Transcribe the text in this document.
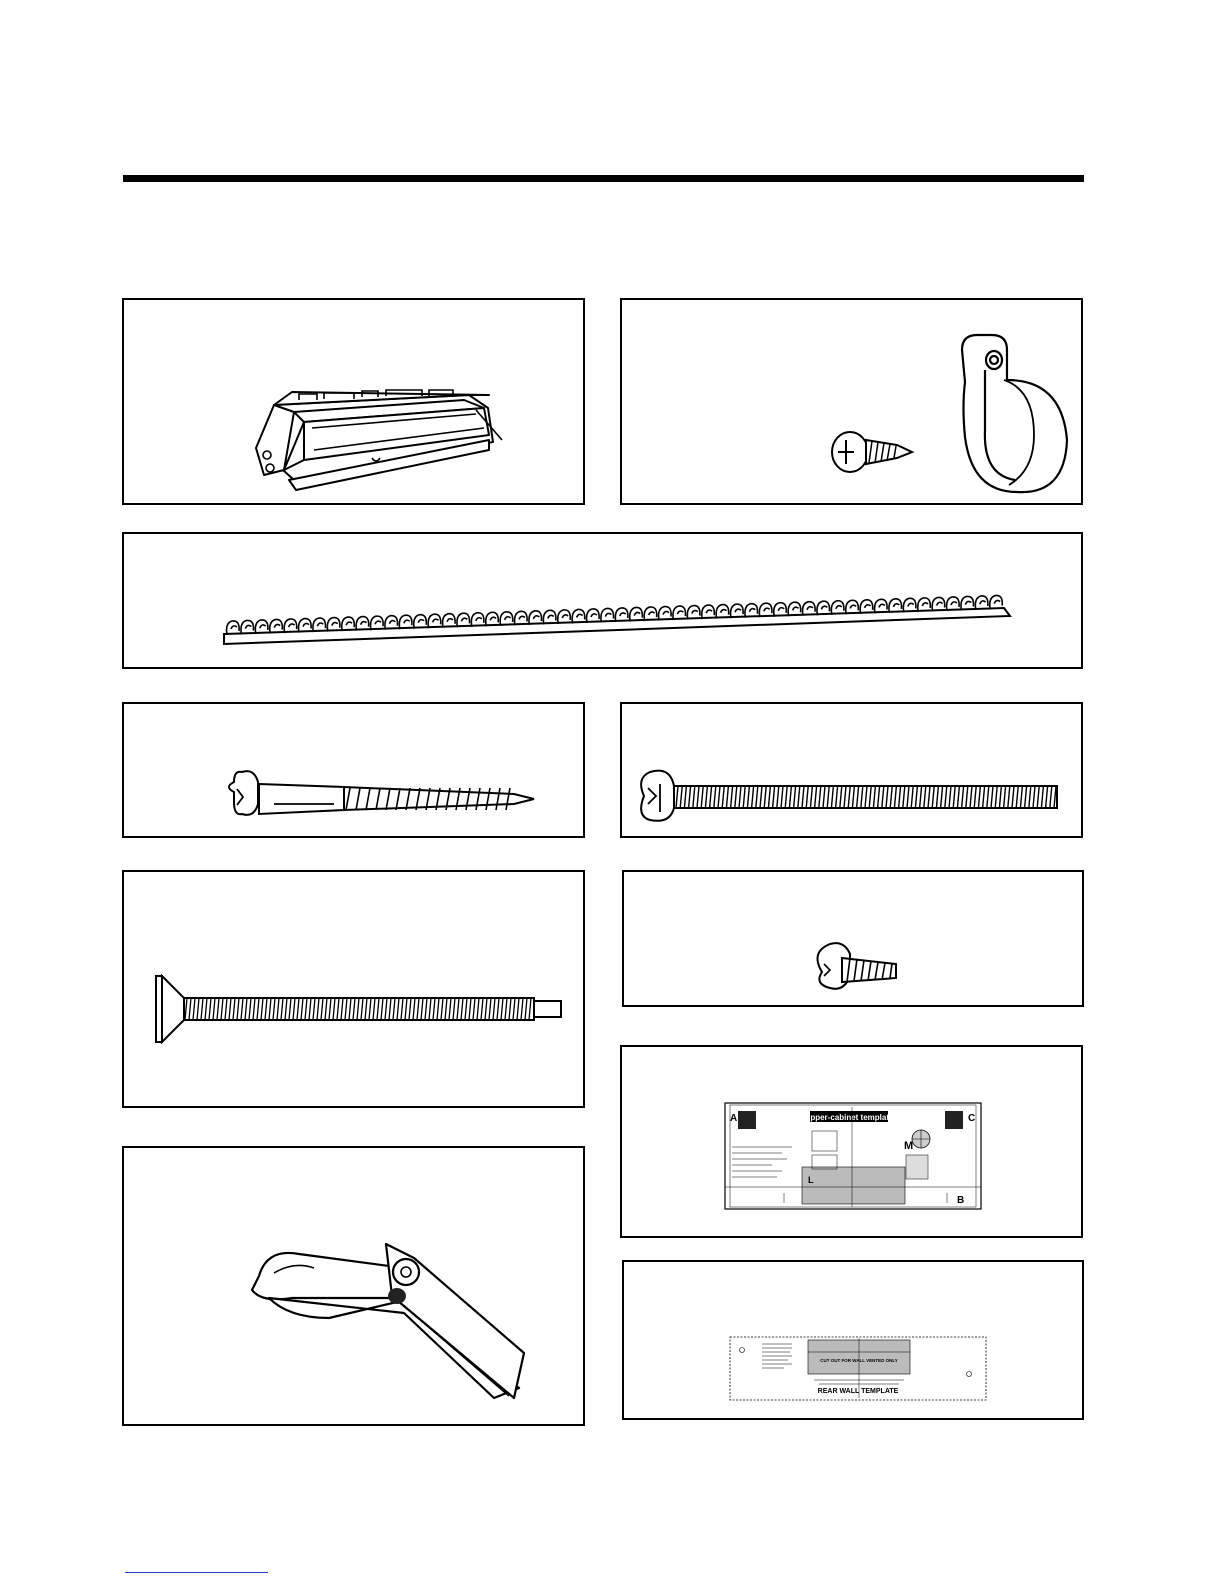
Upper-cabinet template
A	C
B
M
L
CUT OUT FOR WALL VENTED ONLY
REAR WALL TEMPLATE
